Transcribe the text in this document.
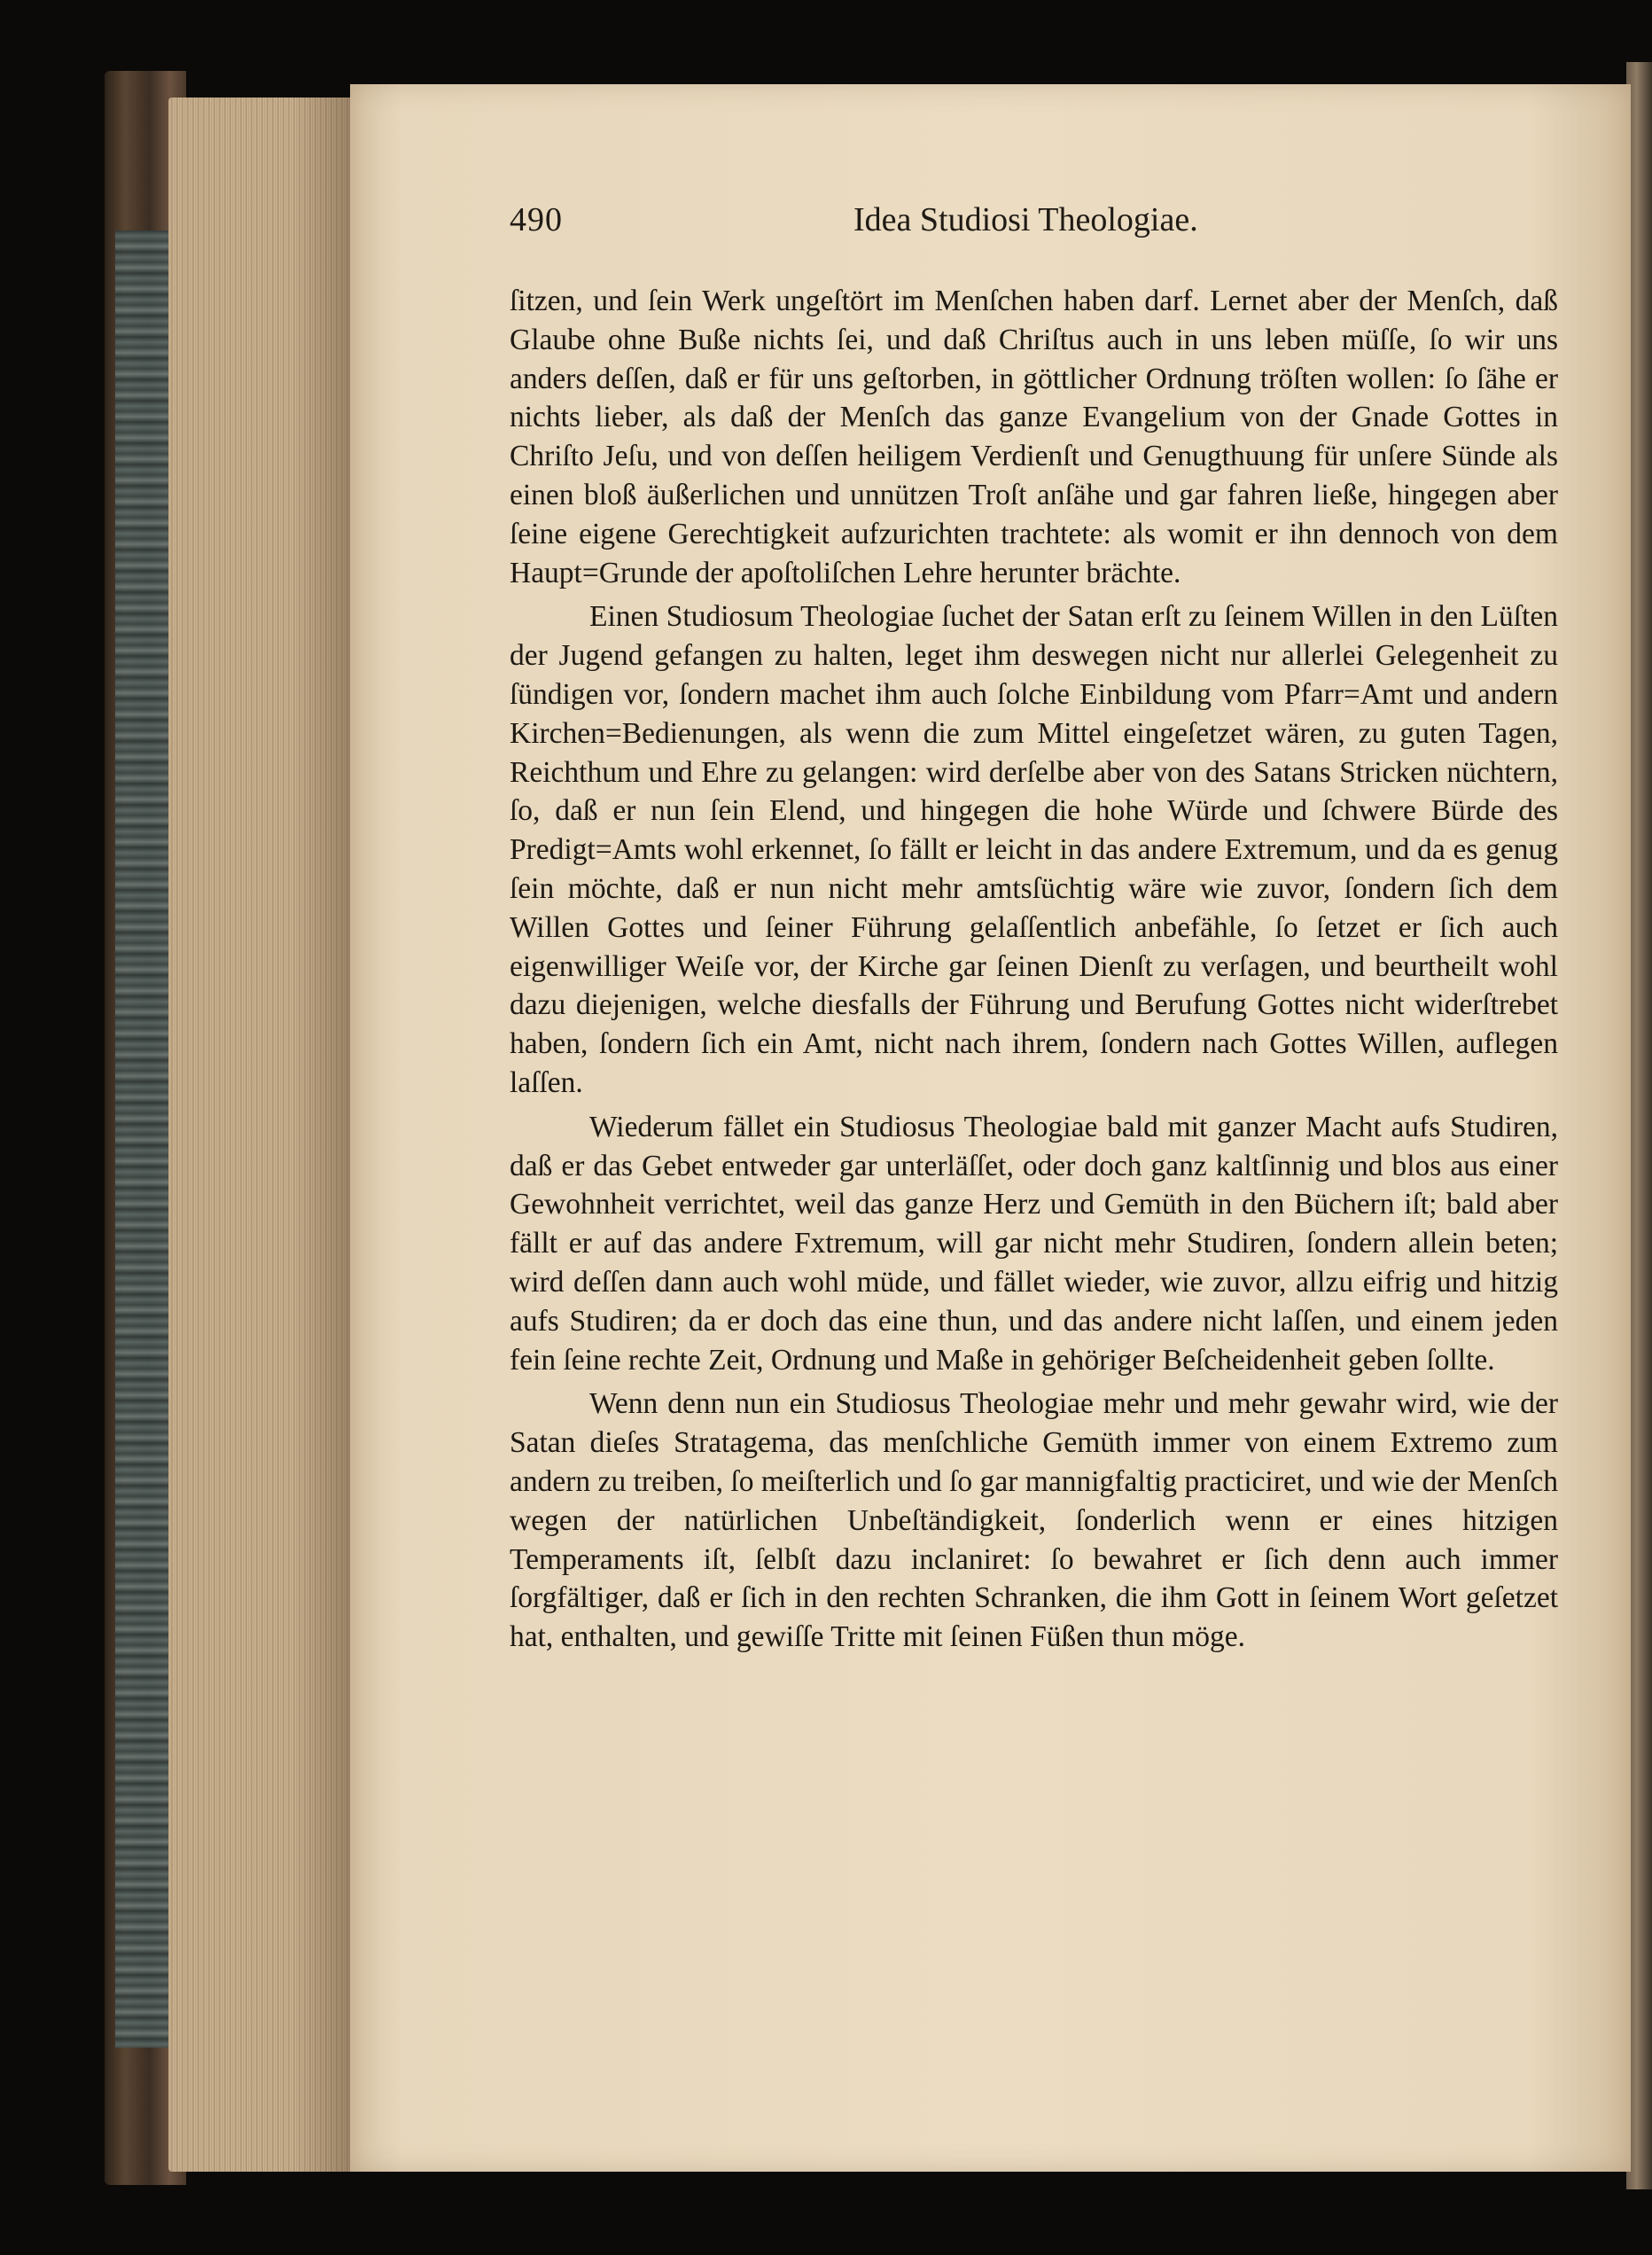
490	Idea Studiosi Theologiae.

ſitzen, und ſein Werk ungeſtört im Menſchen haben darf. Lernet aber der Menſch, daß Glaube ohne Buße nichts ſei, und daß Chriſtus auch in uns leben müſſe, ſo wir uns anders deſſen, daß er für uns geſtorben, in göttlicher Ordnung tröſten wollen: ſo ſähe er nichts lieber, als daß der Menſch das ganze Evangelium von der Gnade Gottes in Chriſto Jeſu, und von deſſen heiligem Verdienſt und Genugthuung für unſere Sünde als einen bloß äußerlichen und unnützen Troſt anſähe und gar fahren ließe, hingegen aber ſeine eigene Gerechtigkeit aufzurichten trachtete: als womit er ihn dennoch von dem Haupt=Grunde der apoſtoliſchen Lehre herunter brächte.

Einen Studiosum Theologiae ſuchet der Satan erſt zu ſeinem Willen in den Lüſten der Jugend gefangen zu halten, leget ihm deswegen nicht nur allerlei Gelegenheit zu ſündigen vor, ſondern machet ihm auch ſolche Einbildung vom Pfarr=Amt und andern Kirchen=Bedienungen, als wenn die zum Mittel eingeſetzet wären, zu guten Tagen, Reichthum und Ehre zu gelangen: wird derſelbe aber von des Satans Stricken nüchtern, ſo, daß er nun ſein Elend, und hingegen die hohe Würde und ſchwere Bürde des Predigt=Amts wohl erkennet, ſo fällt er leicht in das andere Extremum, und da es genug ſein möchte, daß er nun nicht mehr amtsſüchtig wäre wie zuvor, ſondern ſich dem Willen Gottes und ſeiner Führung gelaſſentlich anbefähle, ſo ſetzet er ſich auch eigenwilliger Weiſe vor, der Kirche gar ſeinen Dienſt zu verſagen, und beurtheilt wohl dazu diejenigen, welche diesfalls der Führung und Berufung Gottes nicht widerſtrebet haben, ſondern ſich ein Amt, nicht nach ihrem, ſondern nach Gottes Willen, auflegen laſſen.

Wiederum fället ein Studiosus Theologiae bald mit ganzer Macht aufs Studiren, daß er das Gebet entweder gar unterläſſet, oder doch ganz kaltſinnig und blos aus einer Gewohnheit verrichtet, weil das ganze Herz und Gemüth in den Büchern iſt; bald aber fällt er auf das andere Fxtremum, will gar nicht mehr Studiren, ſondern allein beten; wird deſſen dann auch wohl müde, und fället wieder, wie zuvor, allzu eifrig und hitzig aufs Studiren; da er doch das eine thun, und das andere nicht laſſen, und einem jeden fein ſeine rechte Zeit, Ordnung und Maße in gehöriger Beſcheidenheit geben ſollte.

Wenn denn nun ein Studiosus Theologiae mehr und mehr gewahr wird, wie der Satan dieſes Stratagema, das menſchliche Gemüth immer von einem Extremo zum andern zu treiben, ſo meiſterlich und ſo gar mannigfaltig practiciret, und wie der Menſch wegen der natürlichen Unbeſtändigkeit, ſonderlich wenn er eines hitzigen Temperaments iſt, ſelbſt dazu inclaniret: ſo bewahret er ſich denn auch immer ſorgfältiger, daß er ſich in den rechten Schranken, die ihm Gott in ſeinem Wort geſetzet hat, enthalten, und gewiſſe Tritte mit ſeinen Füßen thun möge.
